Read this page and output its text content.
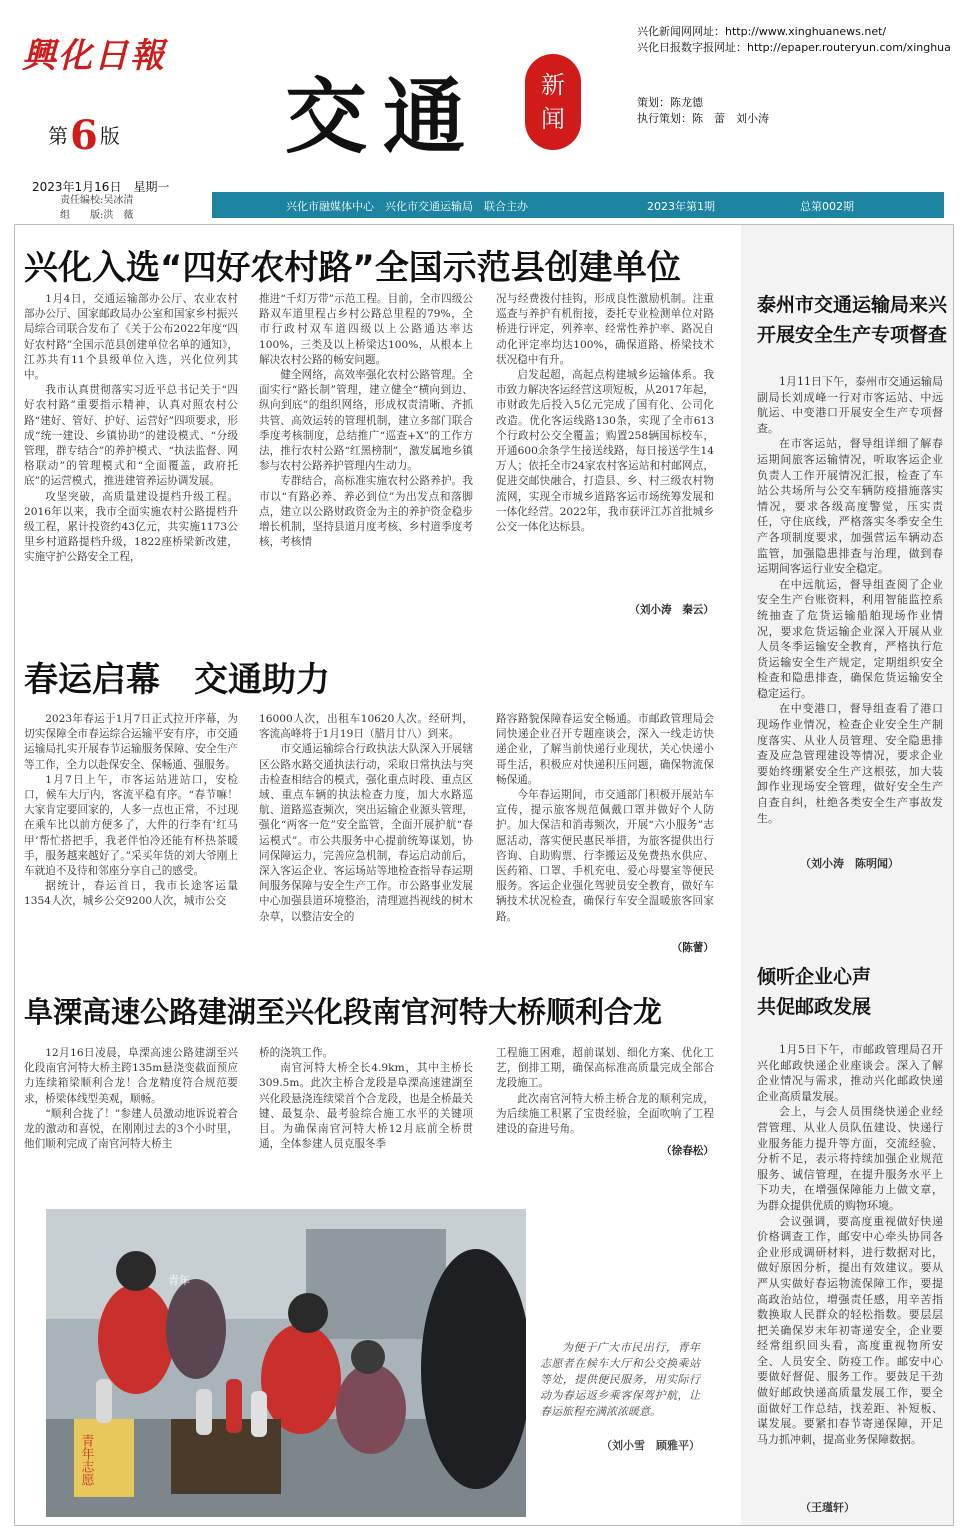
興化日報
第6 版 交通	新
闻
兴化新闻网网址：http://www.xinghuanews.net/
兴化日报数字报网址：http://epaper.routeryun.com/xinghua
策划：陈龙德
执行策划：陈　蕾　刘小涛
2023年1月16日　星期一
责任编校:吴冰清
组　　版:洪　薇
兴化市融媒体中心　兴化市交通运输局　联合主办	2023年第1期	总第002期
兴化入选“四好农村路”全国示范县创建单位

1月4日，交通运输部办公厅、农业农村部办公厅、国家邮政局办公室和国家乡村振兴局综合司联合发布了《关于公布2022年度“四好农村路”全国示范县创建单位名单的通知》，江苏共有11个县级单位入选，兴化位列其中。

我市认真贯彻落实习近平总书记关于“四好农村路”重要指示精神，认真对照农村公路“建好、管好、护好、运营好”四项要求，形成“统一建设、乡镇协助”的建设模式、“分级管理，群专结合”的养护模式、“执法监督、网格联动”的管理模式和“全面覆盖，政府托底”的运营模式，推进建管养运协调发展。

攻坚突破，高质量建设提档升级工程。2016年以来，我市全面实施农村公路提档升级工程，累计投资约43亿元，共实施1173公里乡村道路提档升级，1822座桥梁新改建，实施守护公路安全工程，

推进“千灯万带”示范工程。目前，全市四级公路双车道里程占乡村公路总里程的79%，全市行政村双车道四级以上公路通达率达100%，三类及以上桥梁达100%，从根本上解决农村公路的畅安问题。

健全网络，高效率强化农村公路管理。全面实行“路长制”管理，建立健全“横向到边、纵向到底”的组织网络，形成权责清晰、齐抓共管、高效运转的管理机制，建立多部门联合季度考核制度，总结推广“巡查+X”的工作方法，推行农村公路“红黑榜制”，激发属地乡镇参与农村公路养护管理内生动力。

专群结合，高标准实施农村公路养护。我市以“有路必养、养必到位”为出发点和落脚点，建立以公路财政资金为主的养护资金稳步增长机制，坚持县道月度考核、乡村道季度考核，考核情

况与经费拨付挂钩，形成良性激励机制。注重巡查与养护有机衔接，委托专业检测单位对路桥进行评定，列养率、经常性养护率、路况自动化评定率均达100%，确保道路、桥梁技术状况稳中有升。

启发起超，高起点构建城乡运输体系。我市致力解决客运经营这项短板，从2017年起，市财政先后投入5亿元完成了国有化、公司化改造。优化客运线路130条，实现了全市613个行政村公交全覆盖；购置258辆国标校车，开通600余条学生接送线路，每日接送学生14万人；依托全市24家农村客运站和村邮网点，促进交邮快融合，打造县、乡、村三级农村物流网，实现全市城乡道路客运市场统筹发展和一体化经营。2022年，我市获评江苏首批城乡公交一体化达标县。

（刘小涛　秦云）
春运启幕　交通助力

2023年春运于1月7日正式拉开序幕，为切实保障全市春运综合运输平安有序，市交通运输局扎实开展春节运输服务保障、安全生产等工作，全力以赴保安全、保畅通、强服务。

1月7日上午，市客运站进站口，安检口，候车大厅内，客流平稳有序。“春节嘛！大家肯定要回家的，人多一点也正常，不过现在乘车比以前方便多了，大件的行李有‘红马甲’帮忙搭把手，我老伴怕冷还能有杯热茶暖手，服务越来越好了。”采买年货的刘大爷刚上车就迫不及待和邻座分享自己的感受。

据统计，春运首日，我市长途客运量1354人次，城乡公交9200人次，城市公交

16000人次，出租车10620人次。经研判，客流高峰将于1月19日（腊月廿八）到来。

市交通运输综合行政执法大队深入开展辖区公路水路交通执法行动，采取日常执法与突击检查相结合的模式，强化重点时段、重点区域、重点车辆的执法检查力度，加大水路巡航、道路巡查频次，突出运输企业源头管理，强化“两客一危”安全监管，全面开展护航“春运模式”。市公共服务中心提前统筹谋划，协同保障运力，完善应急机制，春运启动前后，深入客运企业、客运场站等地检查指导春运期间服务保障与安全生产工作。市公路事业发展中心加强县道环境整治，清理遮挡视线的树木杂草，以整洁安全的

路容路貌保障春运安全畅通。市邮政管理局会同快递企业召开专题座谈会，深入一线走访快递企业，了解当前快递行业现状，关心快递小哥生活，积极应对快递积压问题，确保物流保畅保通。

今年春运期间，市交通部门积极开展站车宣传，提示旅客规范佩戴口罩并做好个人防护。加大保洁和消毒频次，开展“六小服务”志愿活动，落实便民惠民举措，为旅客提供出行咨询、自助购票、行李搬运及免费热水供应、医药箱、口罩、手机充电、爱心母婴室等便民服务。客运企业强化驾驶员安全教育，做好车辆技术状况检查，确保行车安全温暖旅客回家路。

（陈蕾）
阜溧高速公路建湖至兴化段南官河特大桥顺利合龙

12月16日凌晨，阜溧高速公路建湖至兴化段南官河特大桥主跨135m悬浇变截面预应力连续箱梁顺利合龙！合龙精度符合规范要求，桥梁体线型美观，顺畅。

“顺利合拢了！”参建人员激动地诉说着合龙的激动和喜悦，在刚刚过去的3个小时里，他们顺利完成了南官河特大桥主

桥的浇筑工作。

南官河特大桥全长4.9km，其中主桥长309.5m。此次主桥合龙段是阜溧高速建湖至兴化段悬浇连续梁首个合龙段，也是全桥最关键、最复杂、最考验综合施工水平的关键项目。为确保南官河特大桥12月底前全桥贯通，全体参建人员克服冬季

工程施工困难，超前谋划、细化方案、优化工艺，倒排工期，确保高标准高质量完成全部合龙段施工。

此次南官河特大桥主桥合龙的顺利完成，为后续施工积累了宝贵经验，全面吹响了工程建设的奋进号角。

（徐春松）
青年志愿
青年

为便于广大市民出行，青年志愿者在候车大厅和公交换乘站等处，提供便民服务，用实际行动为春运返乡乘客保驾护航，让春运旅程充满浓浓暖意。

（刘小雪　顾雅平）
泰州市交通运输局来兴
开展安全生产专项督查

1月11日下午，泰州市交通运输局副局长刘成峰一行对市客运站、中远航运、中变港口开展安全生产专项督查。

在市客运站，督导组详细了解春运期间旅客运输情况，听取客运企业负责人工作开展情况汇报，检查了车站公共场所与公交车辆防疫措施落实情况，要求各级高度警觉，压实责任，守住底线，严格落实冬季安全生产各项制度要求，加强营运车辆动态监管，加强隐患排查与治理，做到春运期间客运行业安全稳定。

在中远航运，督导组查阅了企业安全生产台账资料，利用智能监控系统抽查了危货运输船舶现场作业情况，要求危货运输企业深入开展从业人员冬季运输安全教育，严格执行危货运输安全生产规定，定期组织安全检查和隐患排查，确保危货运输安全稳定运行。

在中变港口，督导组查看了港口现场作业情况，检查企业安全生产制度落实、从业人员管理、安全隐患排查及应急管理建设等情况，要求企业要始终绷紧安全生产这根弦，加大装卸作业现场安全管理，做好安全生产自查自纠，杜绝各类安全生产事故发生。

（刘小涛　陈明闻）
倾听企业心声
共促邮政发展

1月5日下午，市邮政管理局召开兴化邮政快递企业座谈会。深入了解企业情况与需求，推动兴化邮政快递企业高质量发展。

会上，与会人员围绕快递企业经营管理、从业人员队伍建设、快递行业服务能力提升等方面，交流经验、分析不足，表示将持续加强企业规范服务、诚信管理，在提升服务水平上下功夫，在增强保障能力上做文章，为群众提供优质的购物环境。

会议强调，要高度重视做好快递价格调查工作，邮安中心牵头协同各企业形成调研材料，进行数据对比，做好原因分析，提出有效建议。要从严从实做好春运物流保障工作，要提高政治站位，增强责任感，用辛苦指数换取人民群众的轻松指数。要层层把关确保岁末年初寄递安全，企业要经常组织回头看，高度重视物所安全、人员安全、防疫工作。邮安中心要做好督促、服务工作。要鼓足干劲做好邮政快递高质量发展工作，要全面做好工作总结，找差距、补短板、谋发展。要紧扣春节寄递保障，开足马力抓冲刺，提高业务保障数据。

（王瑾轩）
